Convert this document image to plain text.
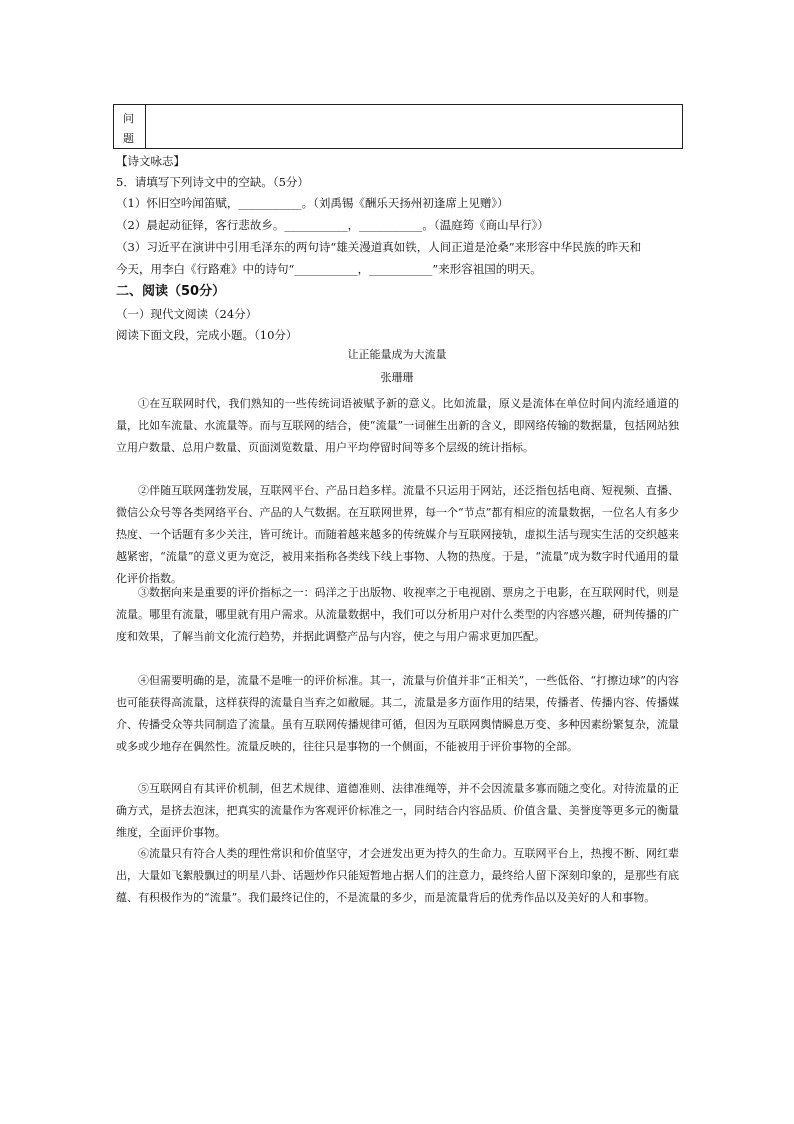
问
题
【诗文咏志】
5．请填写下列诗文中的空缺。（5分）
（1）怀旧空吟闻笛赋，___________。（刘禹锡《酬乐天扬州初逢席上见赠》）
（2）晨起动征铎，客行悲故乡。___________，___________。（温庭筠《商山早行》）
（3）习近平在演讲中引用毛泽东的两句诗“雄关漫道真如铁，人间正道是沧桑”来形容中华民族的昨天和
今天，用李白《行路难》中的诗句“___________，___________”来形容祖国的明天。
二、阅读（50分）
（一）现代文阅读（24分）
阅读下面文段，完成小题。（10分）
让正能量成为大流量
张珊珊

①在互联网时代，我们熟知的一些传统词语被赋予新的意义。比如流量，原义是流体在单位时间内流经通道的量，比如车流量、水流量等。而与互联网的结合，使“流量”一词催生出新的含义，即网络传输的数据量，包括网站独立用户数量、总用户数量、页面浏览数量、用户平均停留时间等多个层级的统计指标。

②伴随互联网蓬勃发展，互联网平台、产品日趋多样。流量不只运用于网站，还泛指包括电商、短视频、直播、微信公众号等各类网络平台、产品的人气数据。在互联网世界，每一个“节点”都有相应的流量数据，一位名人有多少热度、一个话题有多少关注，皆可统计。而随着越来越多的传统媒介与互联网接轨，虚拟生活与现实生活的交织越来越紧密，“流量”的意义更为宽泛，被用来指称各类线下线上事物、人物的热度。于是，“流量”成为数字时代通用的量化评价指数。

③数据向来是重要的评价指标之一：码洋之于出版物、收视率之于电视剧、票房之于电影，在互联网时代，则是流量。哪里有流量，哪里就有用户需求。从流量数据中，我们可以分析用户对什么类型的内容感兴趣，研判传播的广度和效果，了解当前文化流行趋势，并据此调整产品与内容，使之与用户需求更加匹配。

④但需要明确的是，流量不是唯一的评价标准。其一，流量与价值并非“正相关”，一些低俗、“打擦边球”的内容也可能获得高流量，这样获得的流量自当弃之如敝屣。其二，流量是多方面作用的结果，传播者、传播内容、传播媒介、传播受众等共同制造了流量。虽有互联网传播规律可循，但因为互联网舆情瞬息万变、多种因素纷繁复杂，流量或多或少地存在偶然性。流量反映的，往往只是事物的一个侧面，不能被用于评价事物的全部。

⑤互联网自有其评价机制，但艺术规律、道德准则、法律准绳等，并不会因流量多寡而随之变化。对待流量的正确方式，是挤去泡沫，把真实的流量作为客观评价标准之一，同时结合内容品质、价值含量、美誉度等更多元的衡量维度，全面评价事物。

⑥流量只有符合人类的理性常识和价值坚守，才会迸发出更为持久的生命力。互联网平台上，热搜不断、网红辈出，大量如飞絮般飘过的明星八卦、话题炒作只能短暂地占据人们的注意力，最终给人留下深刻印象的，是那些有底蕴、有积极作为的“流量”。我们最终记住的，不是流量的多少，而是流量背后的优秀作品以及美好的人和事物。
